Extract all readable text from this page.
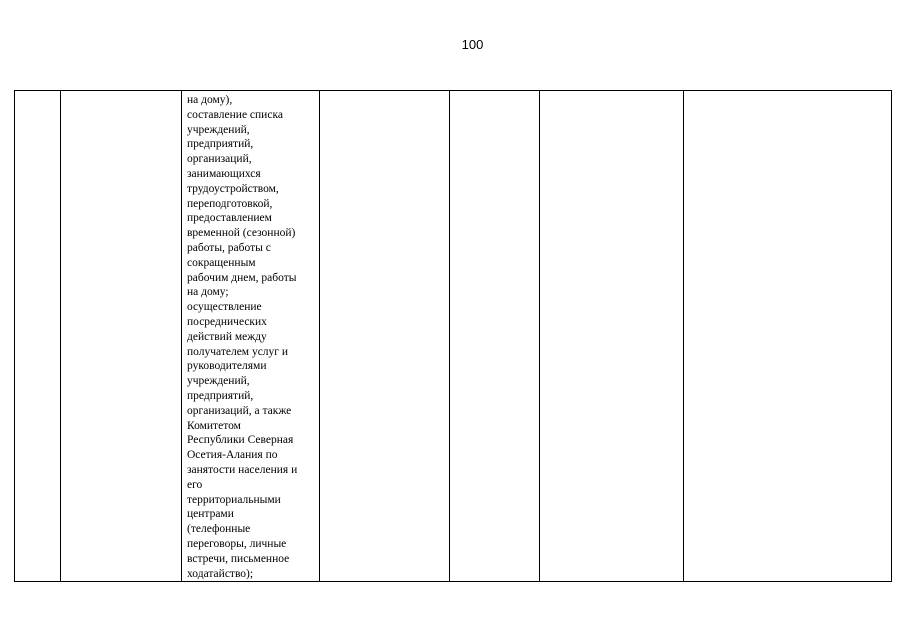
100

на дому),
составление списка
учреждений,
предприятий,
организаций,
занимающихся
трудоустройством,
переподготовкой,
предоставлением
временной (сезонной)
работы, работы с
сокращенным
рабочим днем, работы
на дому;
осуществление
посреднических
действий между
получателем услуг и
руководителями
учреждений,
предприятий,
организаций, а также
Комитетом
Республики Северная
Осетия-Алания по
занятости населения и
его
территориальными
центрами
(телефонные
переговоры, личные
встречи, письменное
ходатайство);
